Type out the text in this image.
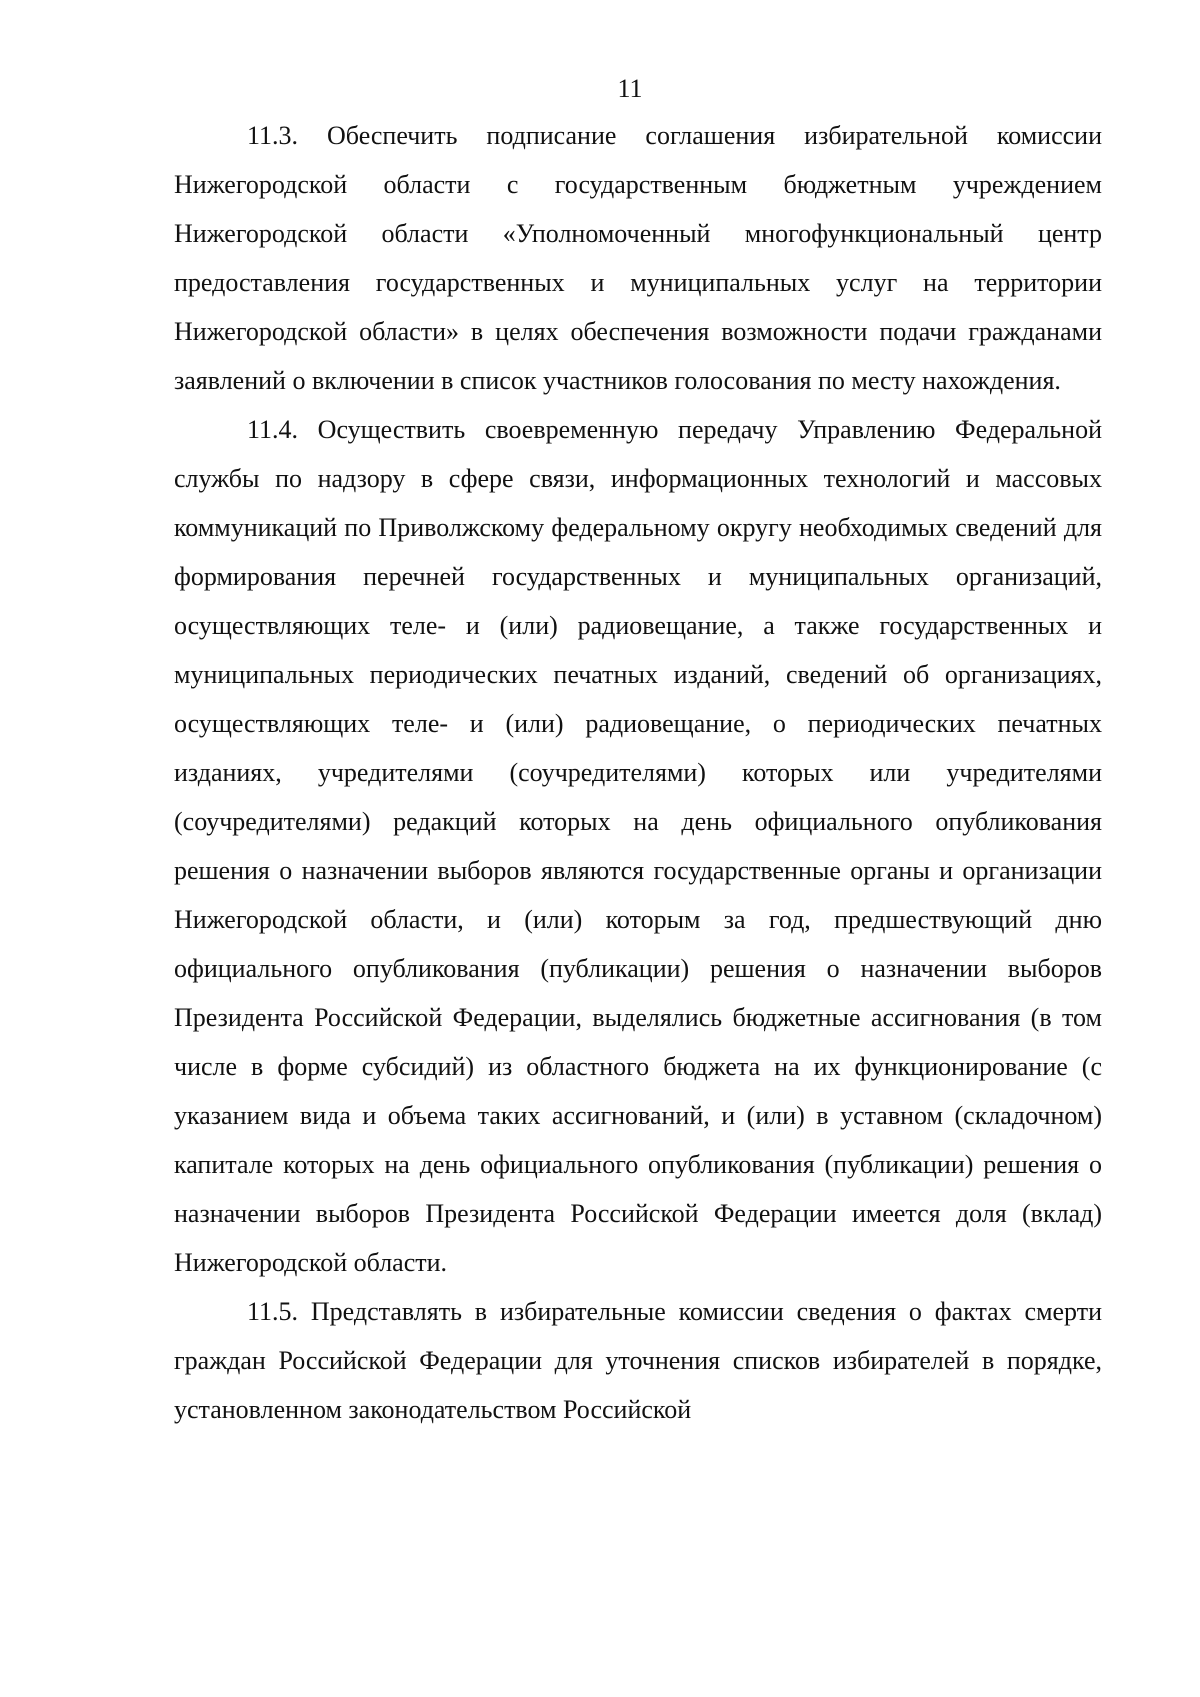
11

11.3. Обеспечить подписание соглашения избирательной комиссии Нижегородской области с государственным бюджетным учреждением Нижегородской области «Уполномоченный многофункциональный центр предоставления государственных и муниципальных услуг на территории Нижегородской области» в целях обеспечения возможности подачи гражданами заявлений о включении в список участников голосования по месту нахождения.

11.4. Осуществить своевременную передачу Управлению Федеральной службы по надзору в сфере связи, информационных технологий и массовых коммуникаций по Приволжскому федеральному округу необходимых сведений для формирования перечней государственных и муниципальных организаций, осуществляющих теле- и (или) радиовещание, а также государственных и муниципальных периодических печатных изданий, сведений об организациях, осуществляющих теле- и (или) радиовещание, о периодических печатных изданиях, учредителями (соучредителями) которых или учредителями (соучредителями) редакций которых на день официального опубликования решения о назначении выборов являются государственные органы и организации Нижегородской области, и (или) которым за год, предшествующий дню официального опубликования (публикации) решения о назначении выборов Президента Российской Федерации, выделялись бюджетные ассигнования (в том числе в форме субсидий) из областного бюджета на их функционирование (с указанием вида и объема таких ассигнований, и (или) в уставном (складочном) капитале которых на день официального опубликования (публикации) решения о назначении выборов Президента Российской Федерации имеется доля (вклад) Нижегородской области.

11.5. Представлять в избирательные комиссии сведения о фактах смерти граждан Российской Федерации для уточнения списков избирателей в порядке, установленном законодательством Российской
